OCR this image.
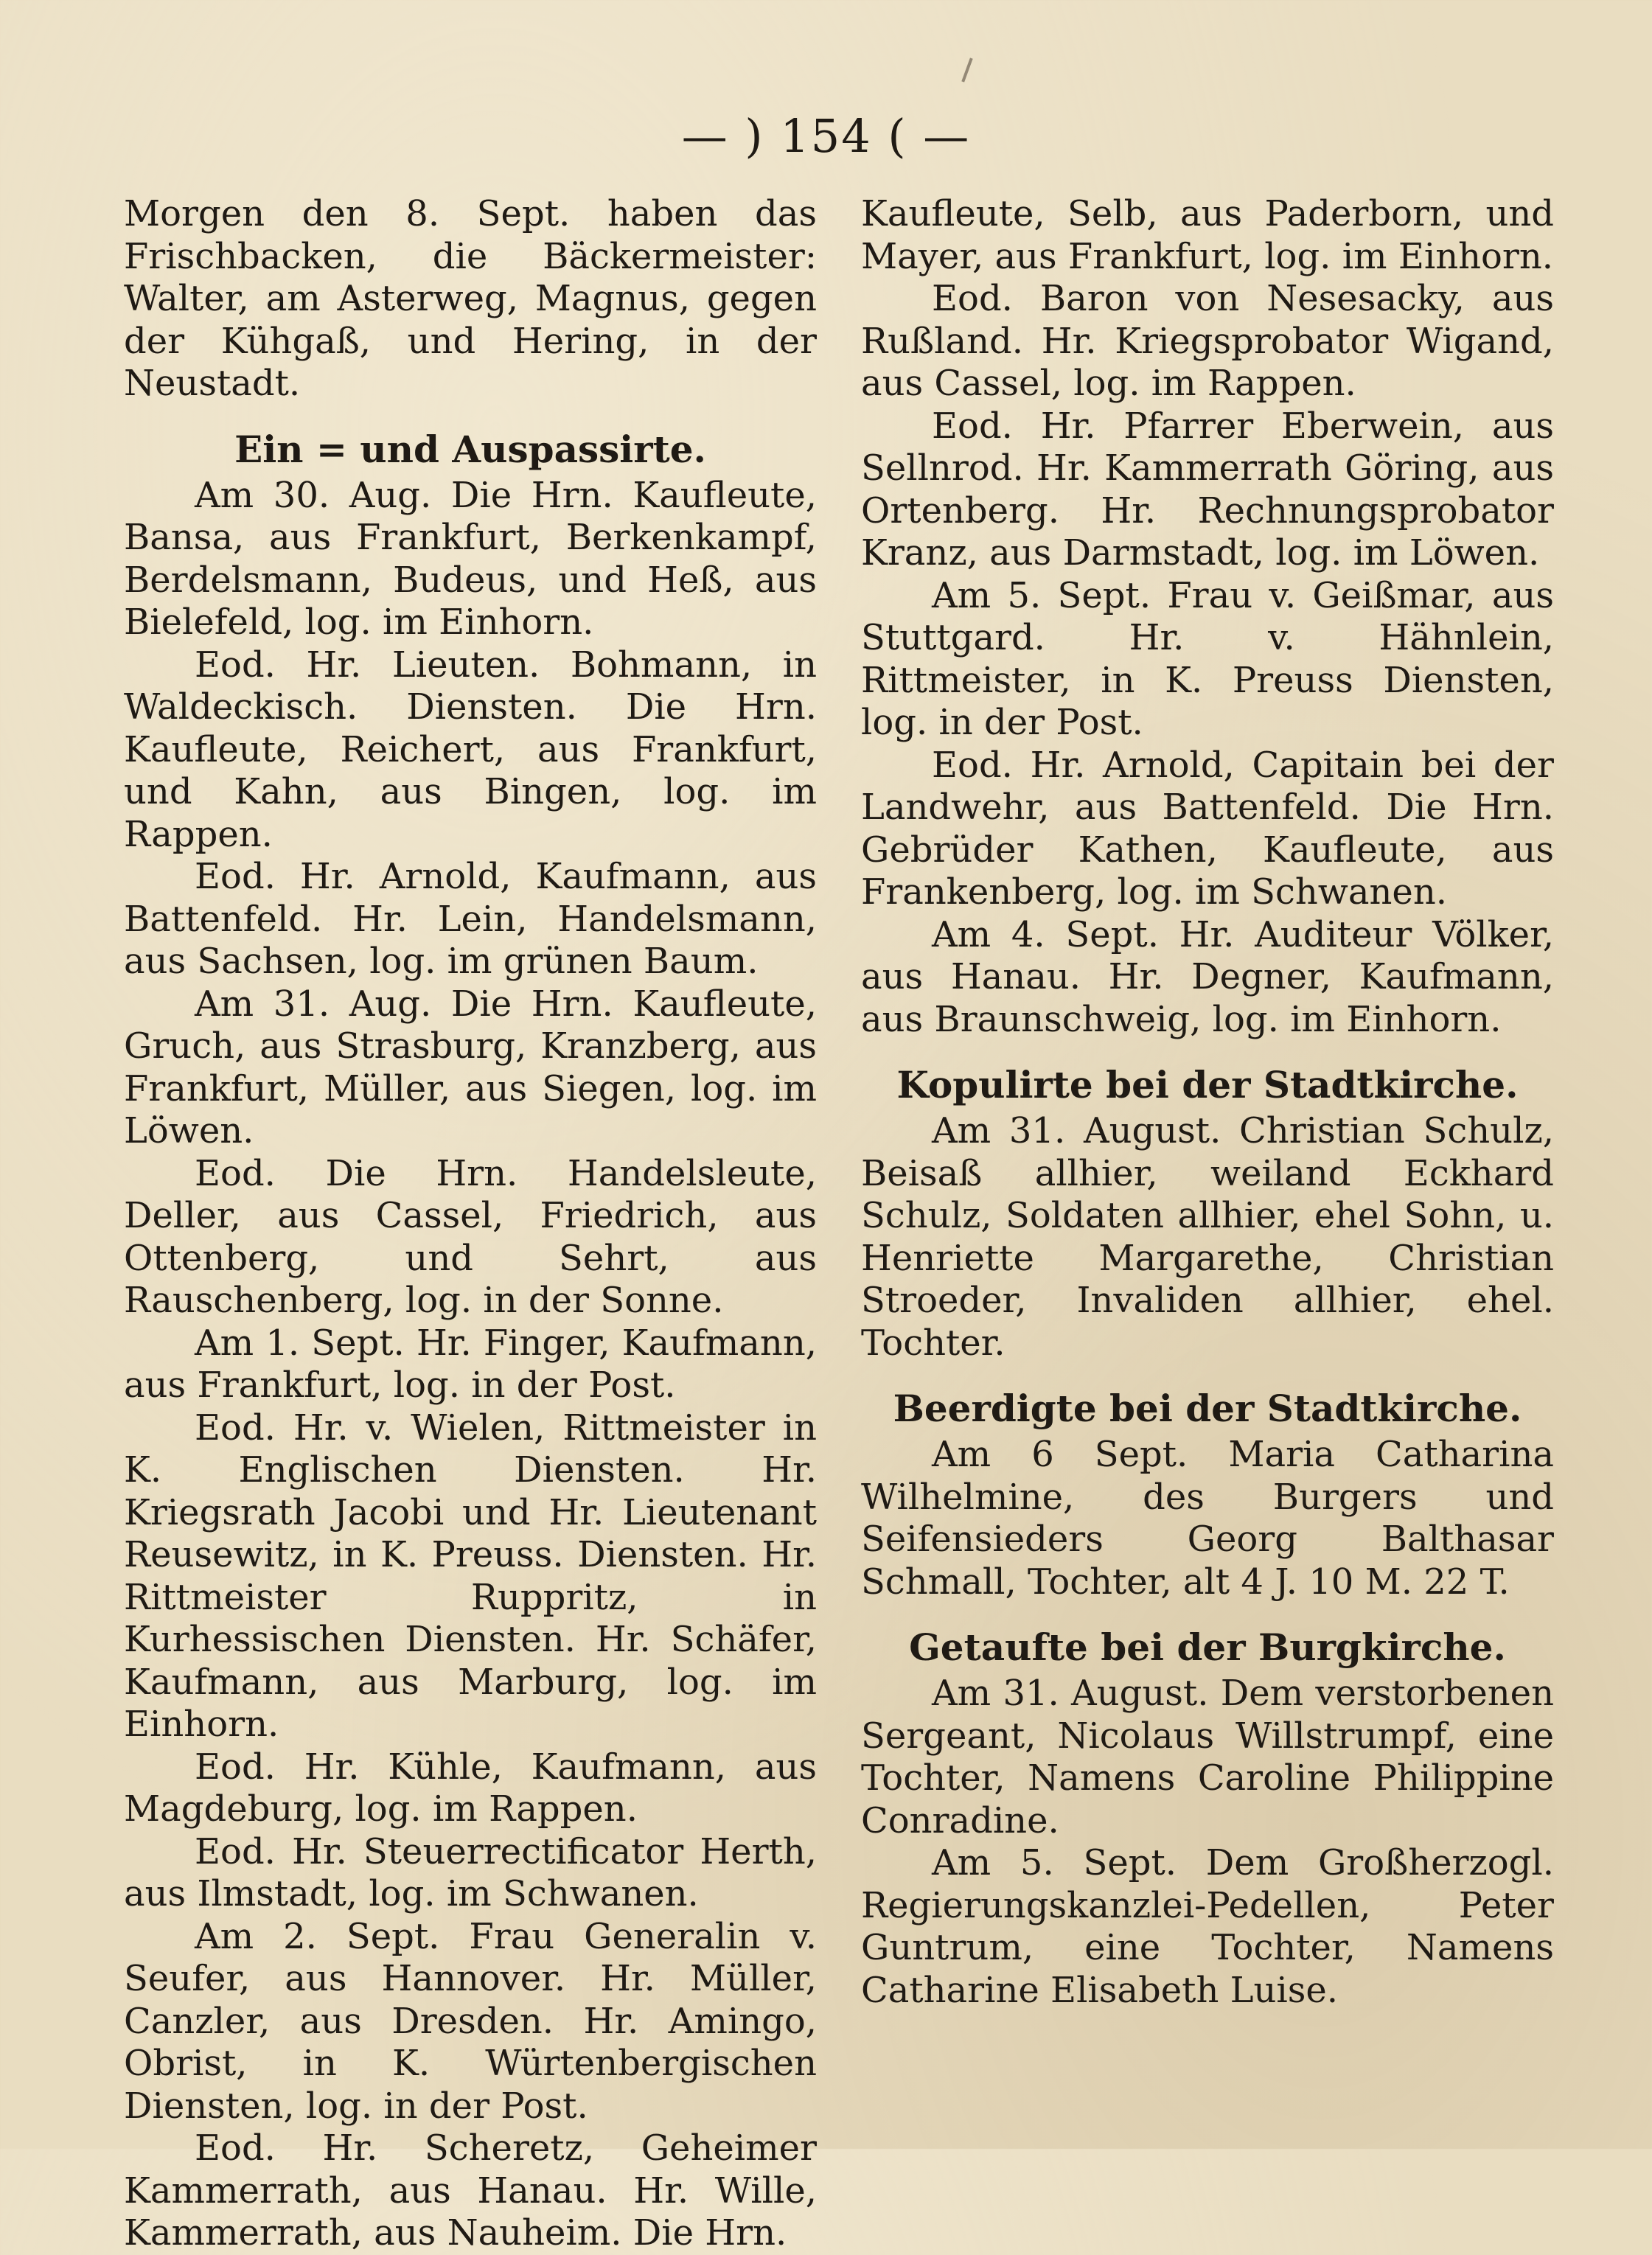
— ) 154 ( —

Morgen den 8. Sept. haben das Frischbacken, die Bäckermeister: Walter, am Asterweg, Magnus, gegen der Kühgaß, und Hering, in der Neustadt.

Ein = und Auspassirte.

Am 30. Aug. Die Hrn. Kaufleute, Bansa, aus Frankfurt, Berkenkampf, Berdelsmann, Budeus, und Heß, aus Bielefeld, log. im Einhorn.

Eod. Hr. Lieuten. Bohmann, in Waldeckisch. Diensten. Die Hrn. Kaufleute, Reichert, aus Frankfurt, und Kahn, aus Bingen, log. im Rappen.

Eod. Hr. Arnold, Kaufmann, aus Battenfeld. Hr. Lein, Handelsmann, aus Sachsen, log. im grünen Baum.

Am 31. Aug. Die Hrn. Kaufleute, Gruch, aus Strasburg, Kranzberg, aus Frankfurt, Müller, aus Siegen, log. im Löwen.

Eod. Die Hrn. Handelsleute, Deller, aus Cassel, Friedrich, aus Ottenberg, und Sehrt, aus Rauschenberg, log. in der Sonne.

Am 1. Sept. Hr. Finger, Kaufmann, aus Frankfurt, log. in der Post.

Eod. Hr. v. Wielen, Rittmeister in K. Englischen Diensten. Hr. Kriegsrath Jacobi und Hr. Lieutenant Reusewitz, in K. Preuss. Diensten. Hr. Rittmeister Ruppritz, in Kurhessischen Diensten. Hr. Schäfer, Kaufmann, aus Marburg, log. im Einhorn.

Eod. Hr. Kühle, Kaufmann, aus Magdeburg, log. im Rappen.

Eod. Hr. Steuerrectificator Herth, aus Ilmstadt, log. im Schwanen.

Am 2. Sept. Frau Generalin v. Seufer, aus Hannover. Hr. Müller, Canzler, aus Dresden. Hr. Amingo, Obrist, in K. Würtenbergischen Diensten, log. in der Post.

Eod. Hr. Scheretz, Geheimer Kammerrath, aus Hanau. Hr. Wille, Kammerrath, aus Nauheim. Die Hrn.

Kaufleute, Selb, aus Paderborn, und Mayer, aus Frankfurt, log. im Einhorn.

Eod. Baron von Nesesacky, aus Rußland. Hr. Kriegsprobator Wigand, aus Cassel, log. im Rappen.

Eod. Hr. Pfarrer Eberwein, aus Sellnrod. Hr. Kammerrath Göring, aus Ortenberg. Hr. Rechnungsprobator Kranz, aus Darmstadt, log. im Löwen.

Am 5. Sept. Frau v. Geißmar, aus Stuttgard. Hr. v. Hähnlein, Rittmeister, in K. Preuss Diensten, log. in der Post.

Eod. Hr. Arnold, Capitain bei der Landwehr, aus Battenfeld. Die Hrn. Gebrüder Kathen, Kaufleute, aus Frankenberg, log. im Schwanen.

Am 4. Sept. Hr. Auditeur Völker, aus Hanau. Hr. Degner, Kaufmann, aus Braunschweig, log. im Einhorn.

Kopulirte bei der Stadtkirche.

Am 31. August. Christian Schulz, Beisaß allhier, weiland Eckhard Schulz, Soldaten allhier, ehel Sohn, u. Henriette Margarethe, Christian Stroeder, Invaliden allhier, ehel. Tochter.

Beerdigte bei der Stadtkirche.

Am 6 Sept. Maria Catharina Wilhelmine, des Burgers und Seifensieders Georg Balthasar Schmall, Tochter, alt 4 J. 10 M. 22 T.

Getaufte bei der Burgkirche.

Am 31. August. Dem verstorbenen Sergeant, Nicolaus Willstrumpf, eine Tochter, Namens Caroline Philippine Conradine.

Am 5. Sept. Dem Großherzogl. Regierungskanzlei-Pedellen, Peter Guntrum, eine Tochter, Namens Catharine Elisabeth Luise.
